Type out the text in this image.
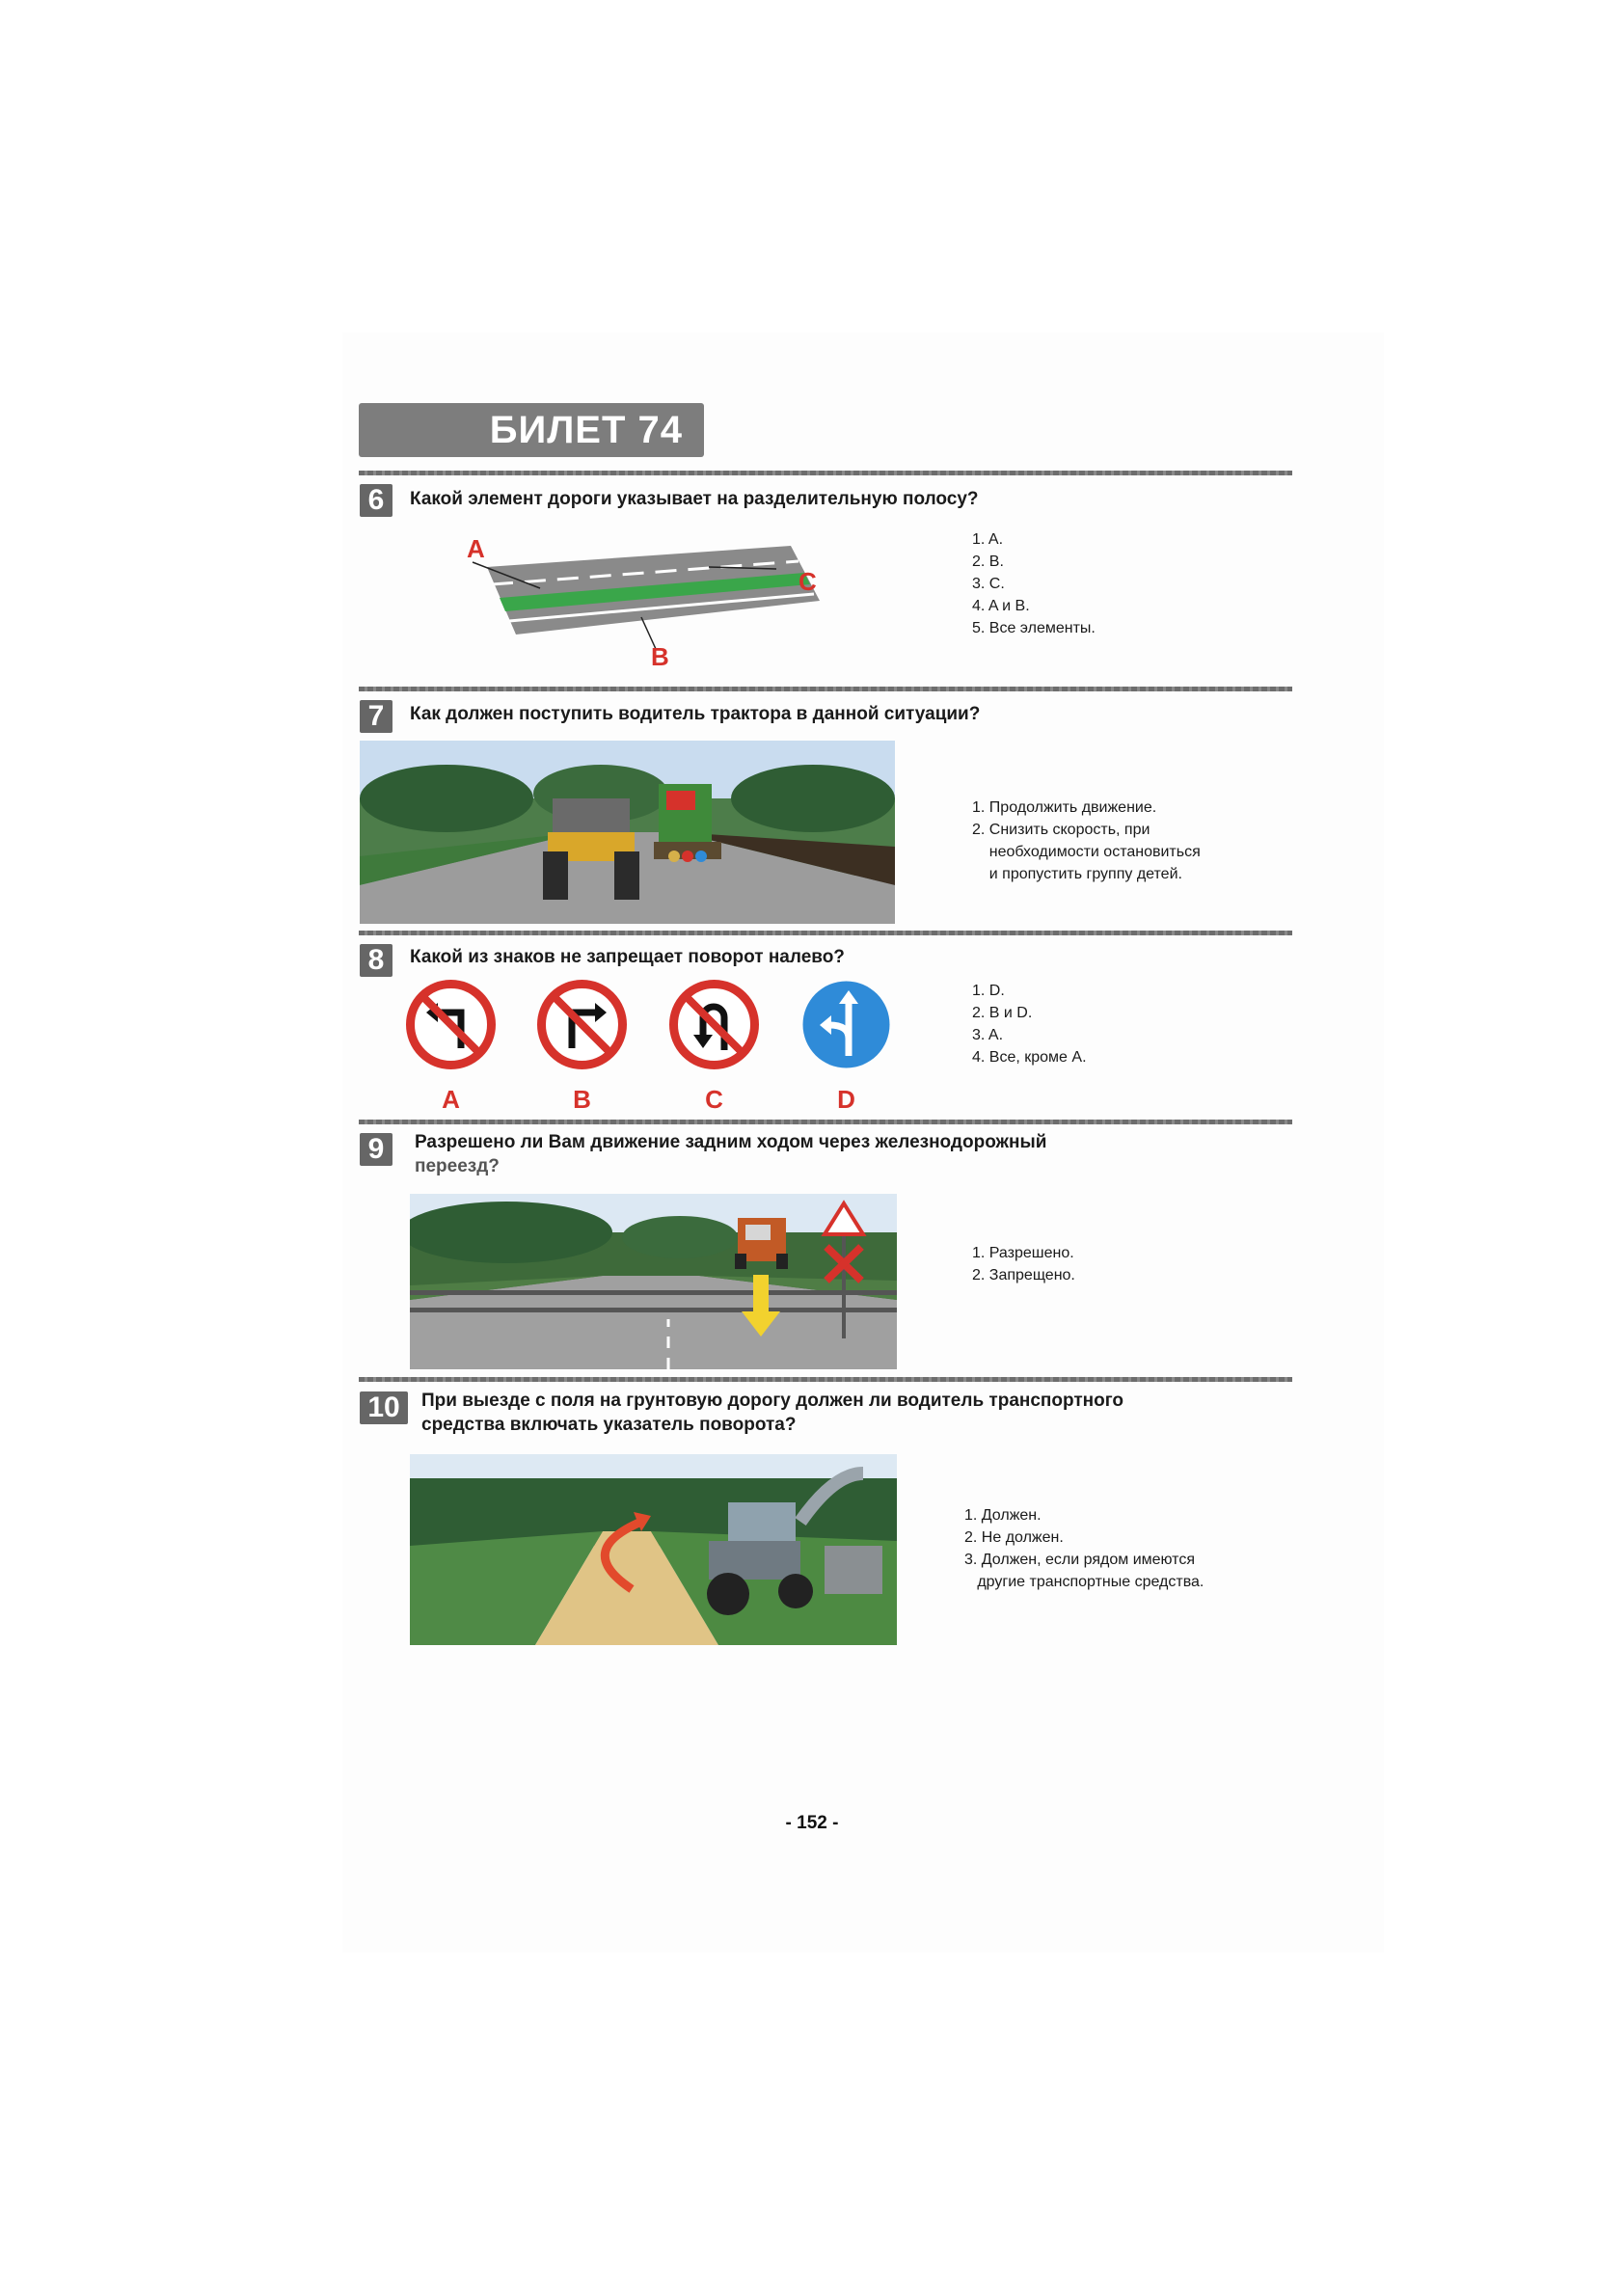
БИЛЕТ 74
6	Какой элемент дороги указывает на разделительную полосу?
A
C
B
1. A.
2. B.
3. C.
4. A и B.
5. Все элементы.
7	Как должен поступить водитель трактора в данной ситуации?
1. Продолжить движение.
2. Снизить скорость, при
необходимости остановиться
и пропустить группу детей.
8	Какой из знаков не запрещает поворот налево?
A	B	C	D
1. D.
2. B и D.
3. A.
4. Все, кроме A.
9	Разрешено ли Вам движение задним ходом через железнодорожный
переезд?
1. Разрешено.
2. Запрещено.
10	При выезде с поля на грунтовую дорогу должен ли водитель транспортного
средства включать указатель поворота?
1. Должен.
2. Не должен.
3. Должен, если рядом имеются
другие транспортные средства.
- 152 -
